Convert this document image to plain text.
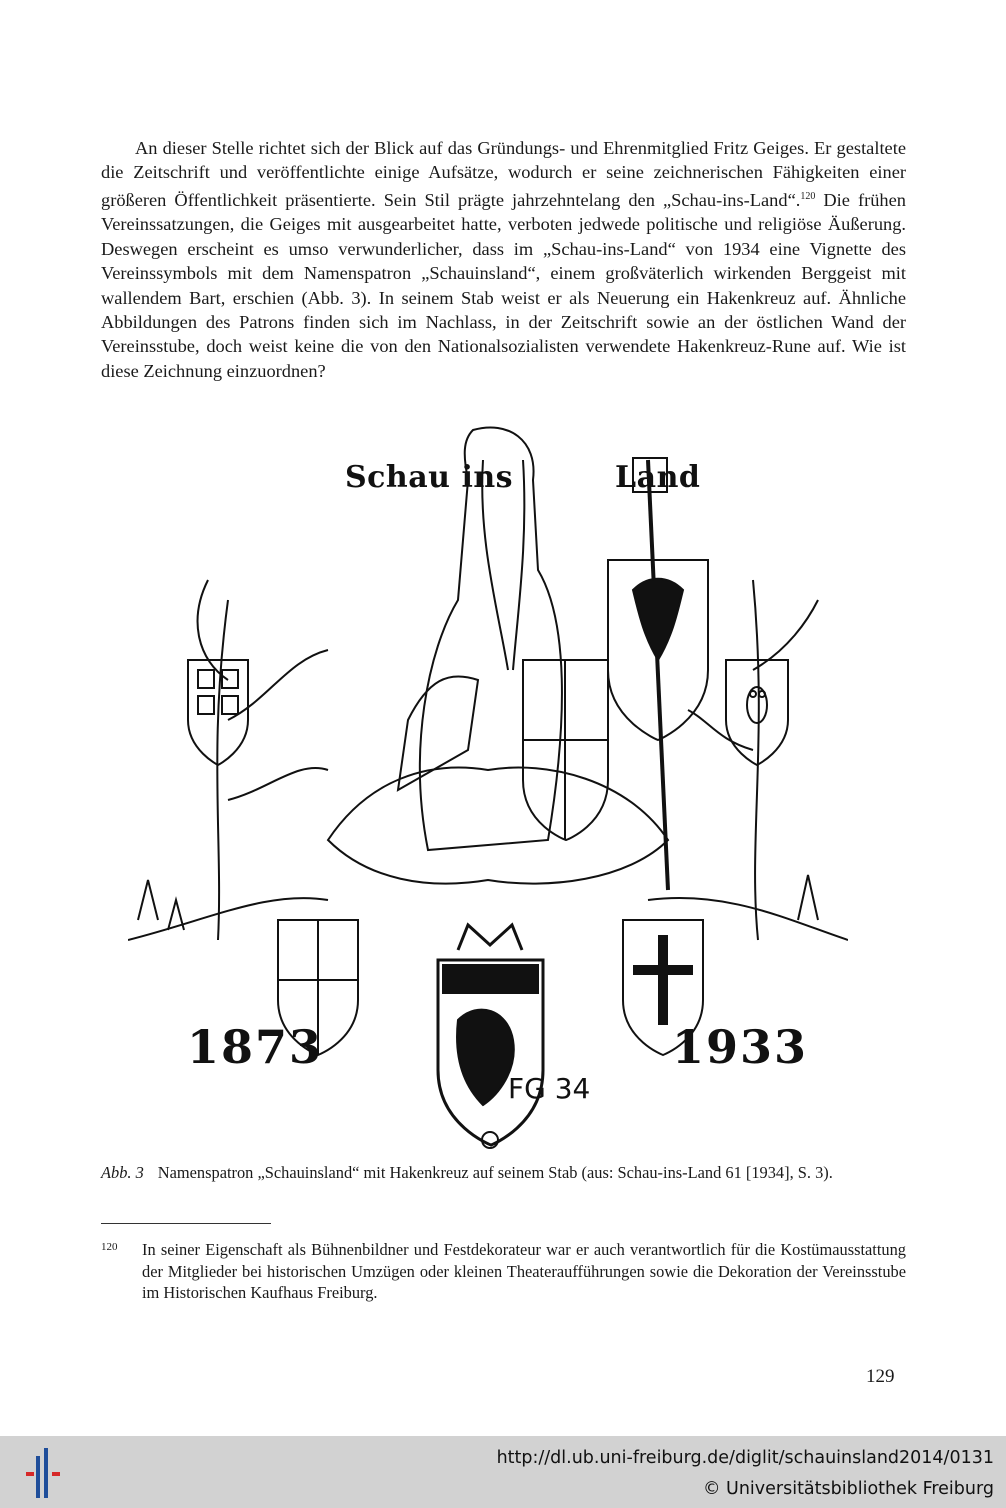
An dieser Stelle richtet sich der Blick auf das Gründungs- und Ehrenmitglied Fritz Geiges. Er gestaltete die Zeitschrift und veröffentlichte einige Aufsätze, wodurch er seine zeichnerischen Fähigkeiten einer größeren Öffentlichkeit präsentierte. Sein Stil prägte jahrzehntelang den „Schau-ins-Land“.$^{120}$ Die frühen Vereinssatzungen, die Geiges mit ausgearbeitet hatte, verboten jedwede politische und religiöse Äußerung. Deswegen erscheint es umso verwunderlicher, dass im „Schau-ins-Land“ von 1934 eine Vignette des Vereinssymbols mit dem Namenspatron „Schauinsland“, einem großväterlich wirkenden Berggeist mit wallendem Bart, erschien (Abb. 3). In seinem Stab weist er als Neuerung ein Hakenkreuz auf. Ähnliche Abbildungen des Patrons finden sich im Nachlass, in der Zeitschrift sowie an der östlichen Wand der Vereinsstube, doch weist keine die von den Nationalsozialisten verwendete Hakenkreuz-Rune auf. Wie ist diese Zeichnung einzuordnen?

Schau ins	Land
1873	1933
FG 34
Abb. 3 Namenspatron „Schauinsland“ mit Hakenkreuz auf seinem Stab (aus: Schau-ins-Land 61 [1934], S. 3).
120 In seiner Eigenschaft als Bühnenbildner und Festdekorateur war er auch verantwortlich für die Kostümausstattung der Mitglieder bei historischen Umzügen oder kleinen Theateraufführungen sowie die Dekoration der Vereinsstube im Historischen Kaufhaus Freiburg.
129
http://dl.ub.uni-freiburg.de/diglit/schauinsland2014/0131
© Universitätsbibliothek Freiburg
